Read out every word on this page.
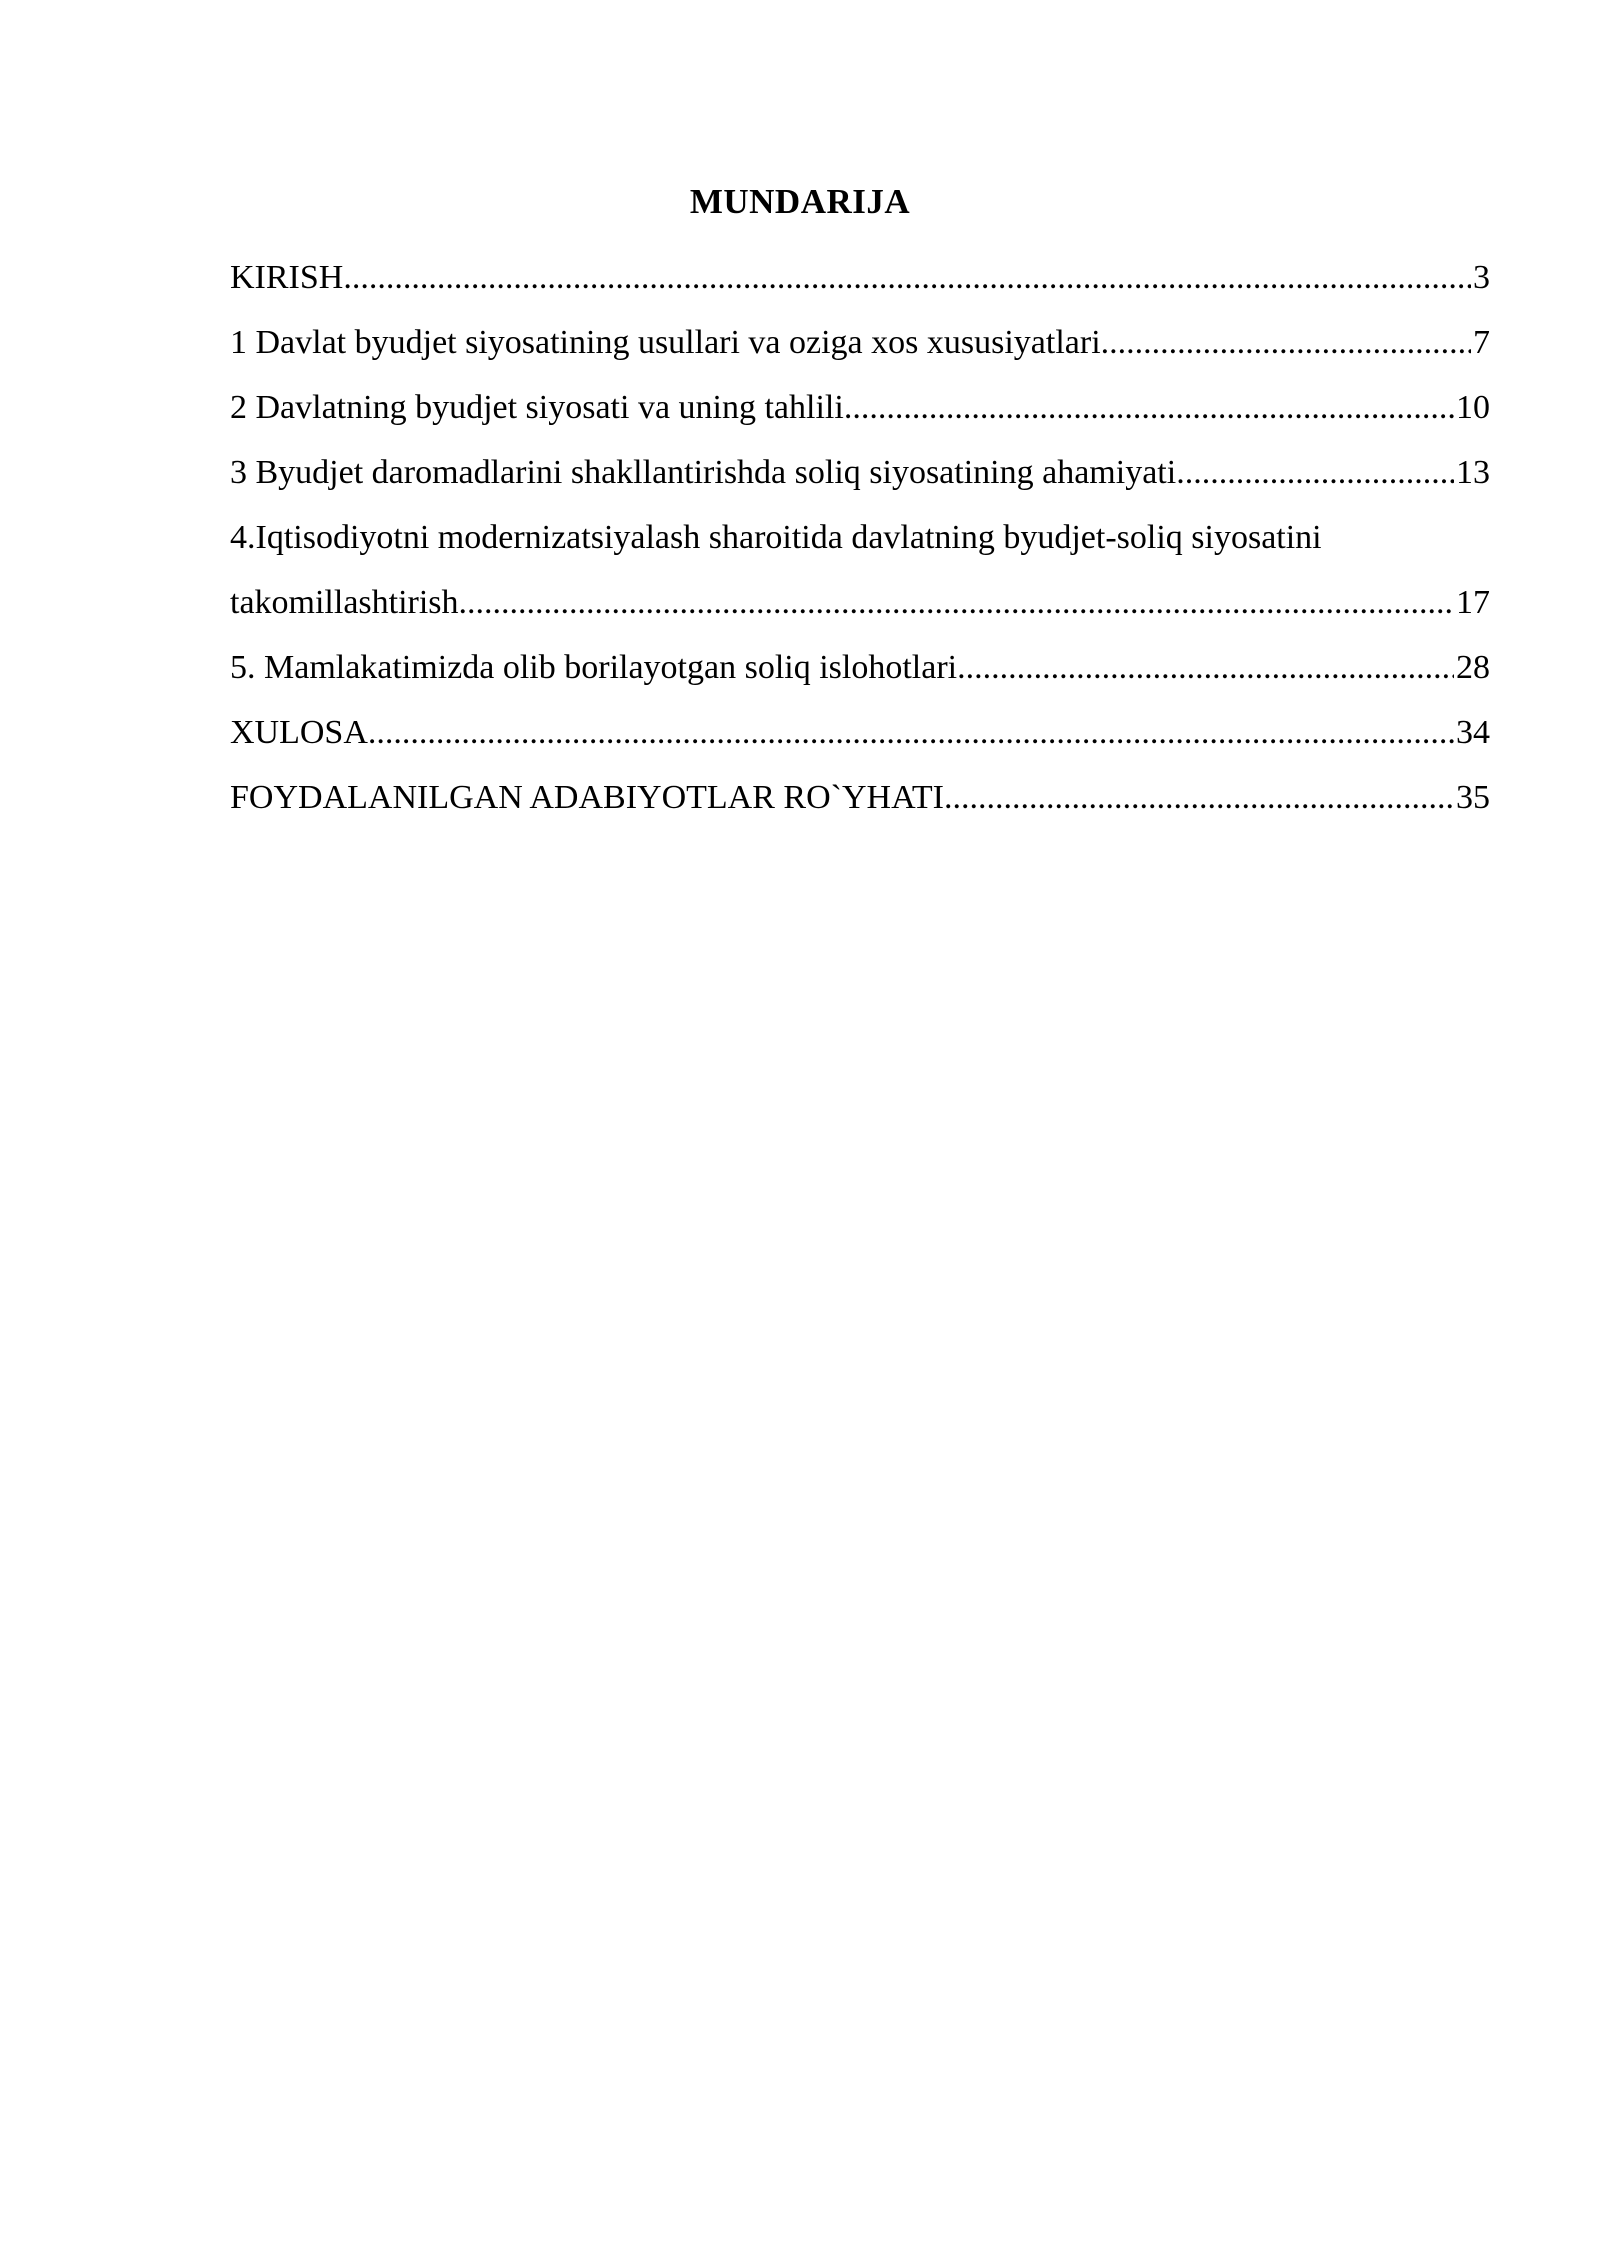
MUNDARIJA
KIRISH .....	3
1 Davlat byudjet siyosatining usullari va oziga xos xususiyatlari .....	7
2 Davlatning byudjet siyosati va uning tahlili .....	10
3 Byudjet daromadlarini shakllantirishda soliq siyosatining ahamiyati .....	13
4.Iqtisodiyotni modernizatsiyalash sharoitida davlatning byudjet-soliq siyosatini
takomillashtirish .....	17
5. Mamlakatimizda olib borilayotgan soliq islohotlari .....	28
XULOSA .....	34
FOYDALANILGAN ADABIYOTLAR RO`YHATI .....	35
